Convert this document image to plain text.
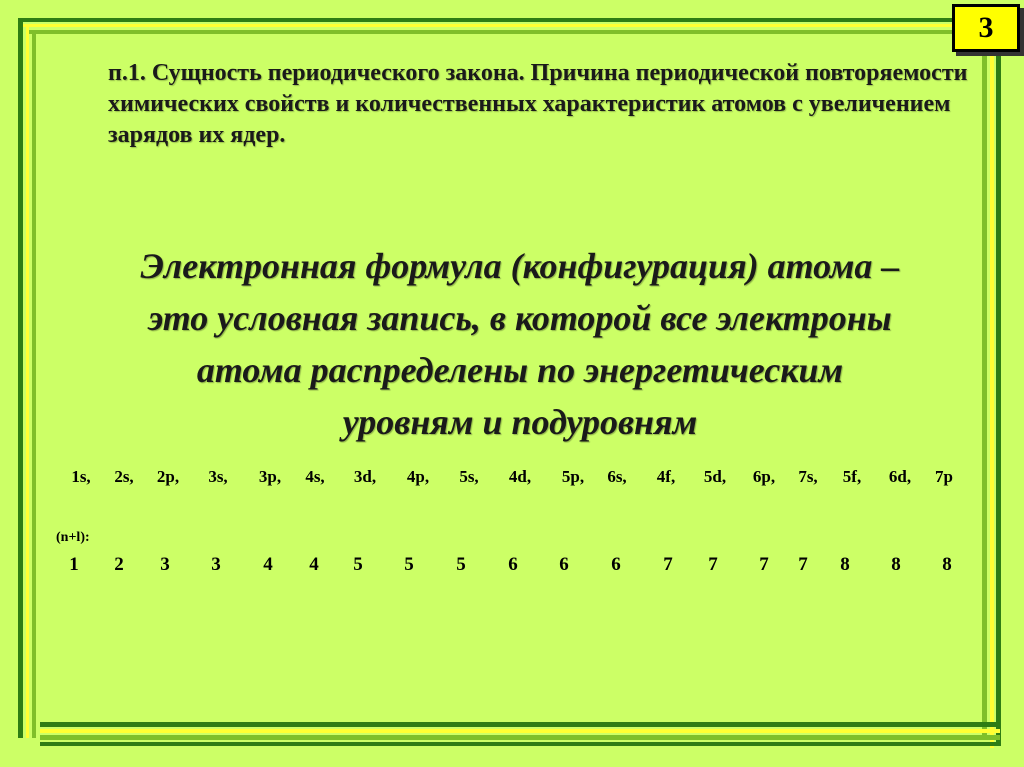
3
п.1. Сущность периодического закона. Причина периодической повторяемости химических свойств и количественных характеристик атомов с увеличением зарядов их ядер.
Электронная формула (конфигурация) атома –
это условная запись, в которой все электроны
атома распределены по энергетическим
уровням и подуровням
1s, 2s, 2p, 3s, 3p, 4s, 3d, 4p, 5s, 4d, 5p, 6s, 4f, 5d, 6p, 7s, 5f, 6d, 7p
(n+l):
1 2 3 3 4 4 5 5 5 6 6 6 7 7 7 7 8 8 8
